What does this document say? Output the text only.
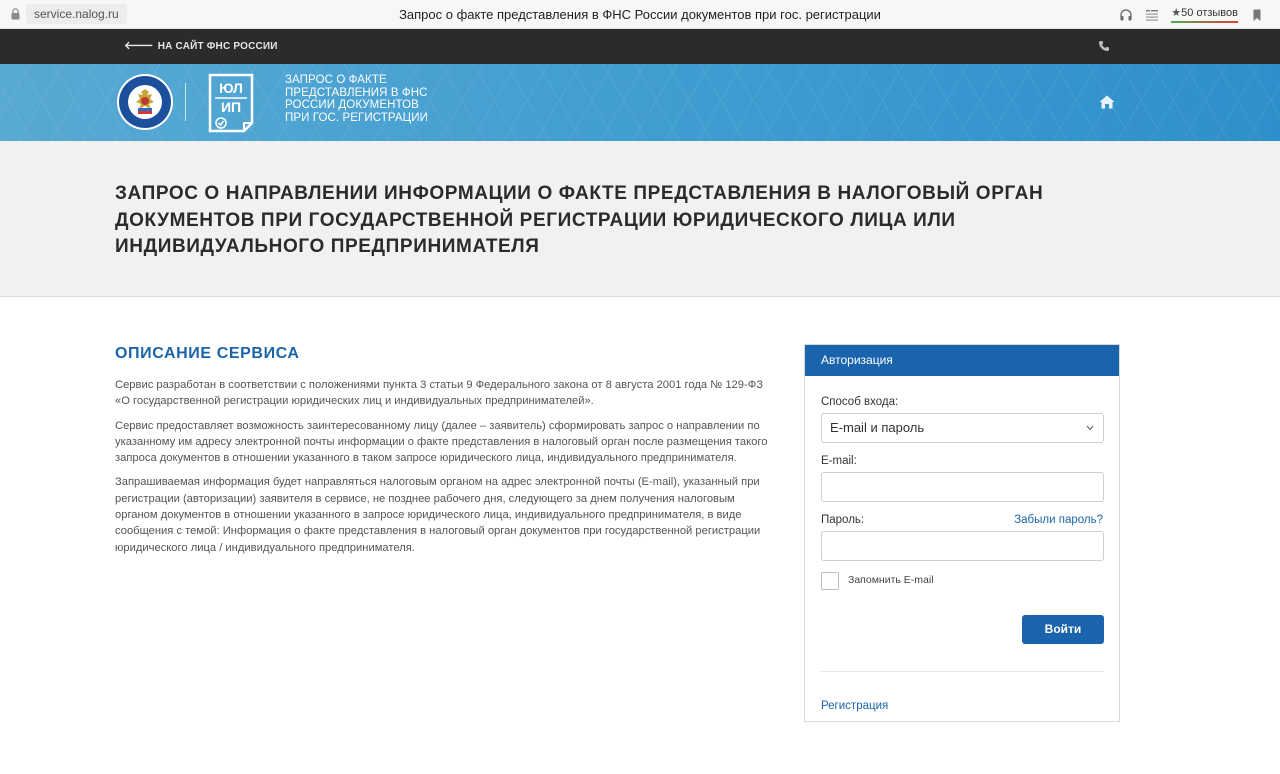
service.nalog.ru	Запрос о факте представления в ФНС России документов при гос. регистрации	★50 отзывов
🡐 НА САЙТ ФНС РОССИИ
ЮЛ
ИП
ЗАПРОС О ФАКТЕ ПРЕДСТАВЛЕНИЯ В ФНС РОССИИ ДОКУМЕНТОВ ПРИ ГОС. РЕГИСТРАЦИИ
ЗАПРОС О НАПРАВЛЕНИИ ИНФОРМАЦИИ О ФАКТЕ ПРЕДСТАВЛЕНИЯ В НАЛОГОВЫЙ ОРГАН ДОКУМЕНТОВ ПРИ ГОСУДАРСТВЕННОЙ РЕГИСТРАЦИИ ЮРИДИЧЕСКОГО ЛИЦА ИЛИ ИНДИВИДУАЛЬНОГО ПРЕДПРИНИМАТЕЛЯ
ОПИСАНИЕ СЕРВИСА

Сервис разработан в соответствии с положениями пункта 3 статьи 9 Федерального закона от 8 августа 2001 года № 129-ФЗ «О государственной регистрации юридических лиц и индивидуальных предпринимателей».

Сервис предоставляет возможность заинтересованному лицу (далее – заявитель) сформировать запрос о направлении по указанному им адресу электронной почты информации о факте представления в налоговый орган после размещения такого запроса документов в отношении указанного в таком запросе юридического лица, индивидуального предпринимателя.

Запрашиваемая информация будет направляться налоговым органом на адрес электронной почты (E-mail), указанный при регистрации (авторизации) заявителя в сервисе, не позднее рабочего дня, следующего за днем получения налоговым органом документов в отношении указанного в запросе юридического лица, индивидуального предпринимателя, в виде сообщения с темой: Информация о факте представления в налоговый орган документов при государственной регистрации юридического лица / индивидуального предпринимателя.

Авторизация
Способ входа:
E-mail и пароль
E-mail:
Пароль:	Забыли пароль?
Запомнить E-mail
Войти
Регистрация
